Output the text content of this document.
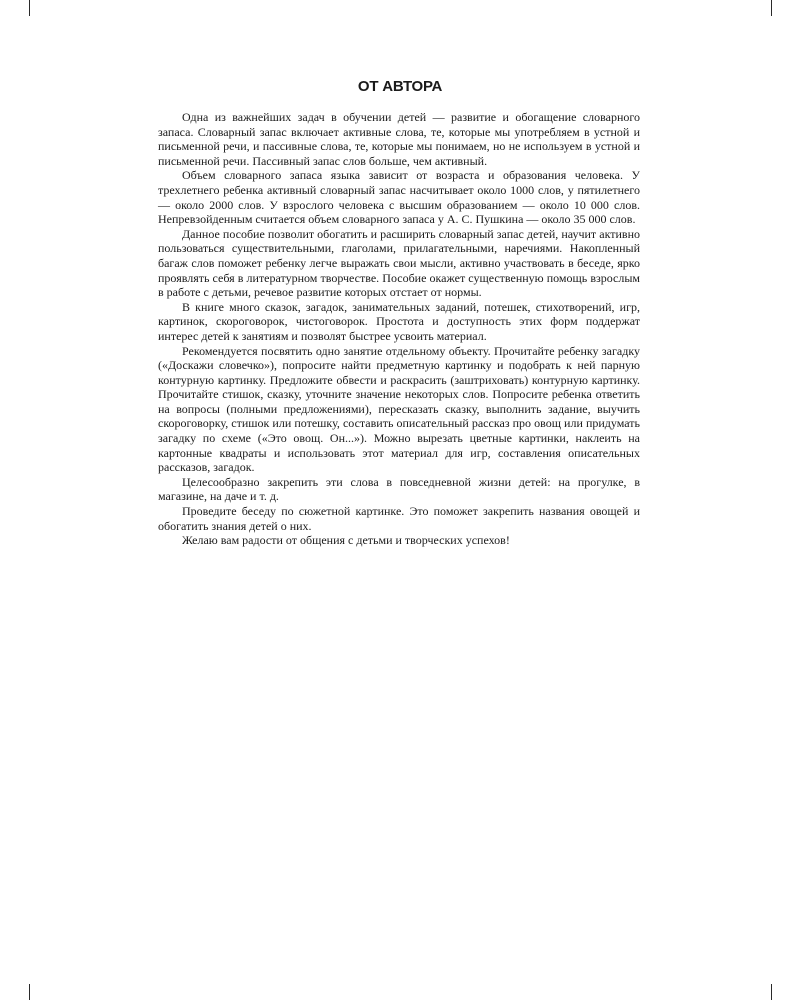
ОТ АВТОРА

Одна из важнейших задач в обучении детей — развитие и обогащение словарного запаса. Словарный запас включает активные слова, те, которые мы употребляем в устной и письменной речи, и пассивные слова, те, которые мы понимаем, но не используем в устной и письменной речи. Пассивный запас слов больше, чем активный.

Объем словарного запаса языка зависит от возраста и образования человека. У трехлетнего ребенка активный словарный запас насчитывает около 1000 слов, у пятилетнего — около 2000 слов. У взрослого человека с высшим образованием — около 10 000 слов. Непревзойденным считается объем словарного запаса у А. С. Пушкина — около 35 000 слов.

Данное пособие позволит обогатить и расширить словарный запас детей, научит активно пользоваться существительными, глаголами, прилагательными, наречиями. Накопленный багаж слов поможет ребенку легче выражать свои мысли, активно участвовать в беседе, ярко проявлять себя в литературном творчестве. Пособие окажет существенную помощь взрослым в работе с детьми, речевое развитие которых отстает от нормы.

В книге много сказок, загадок, занимательных заданий, потешек, стихотворений, игр, картинок, скороговорок, чистоговорок. Простота и доступность этих форм поддержат интерес детей к занятиям и позволят быстрее усвоить материал.

Рекомендуется посвятить одно занятие отдельному объекту. Прочитайте ребенку загадку («Доскажи словечко»), попросите найти предметную картинку и подобрать к ней парную контурную картинку. Предложите обвести и раскрасить (заштриховать) контурную картинку. Прочитайте стишок, сказку, уточните значение некоторых слов. Попросите ребенка ответить на вопросы (полными предложениями), пересказать сказку, выполнить задание, выучить скороговорку, стишок или потешку, составить описательный рассказ про овощ или придумать загадку по схеме («Это овощ. Он...»). Можно вырезать цветные картинки, наклеить на картонные квадраты и использовать этот материал для игр, составления описательных рассказов, загадок.

Целесообразно закрепить эти слова в повседневной жизни детей: на прогулке, в магазине, на даче и т. д.

Проведите беседу по сюжетной картинке. Это поможет закрепить названия овощей и обогатить знания детей о них.

Желаю вам радости от общения с детьми и творческих успехов!
